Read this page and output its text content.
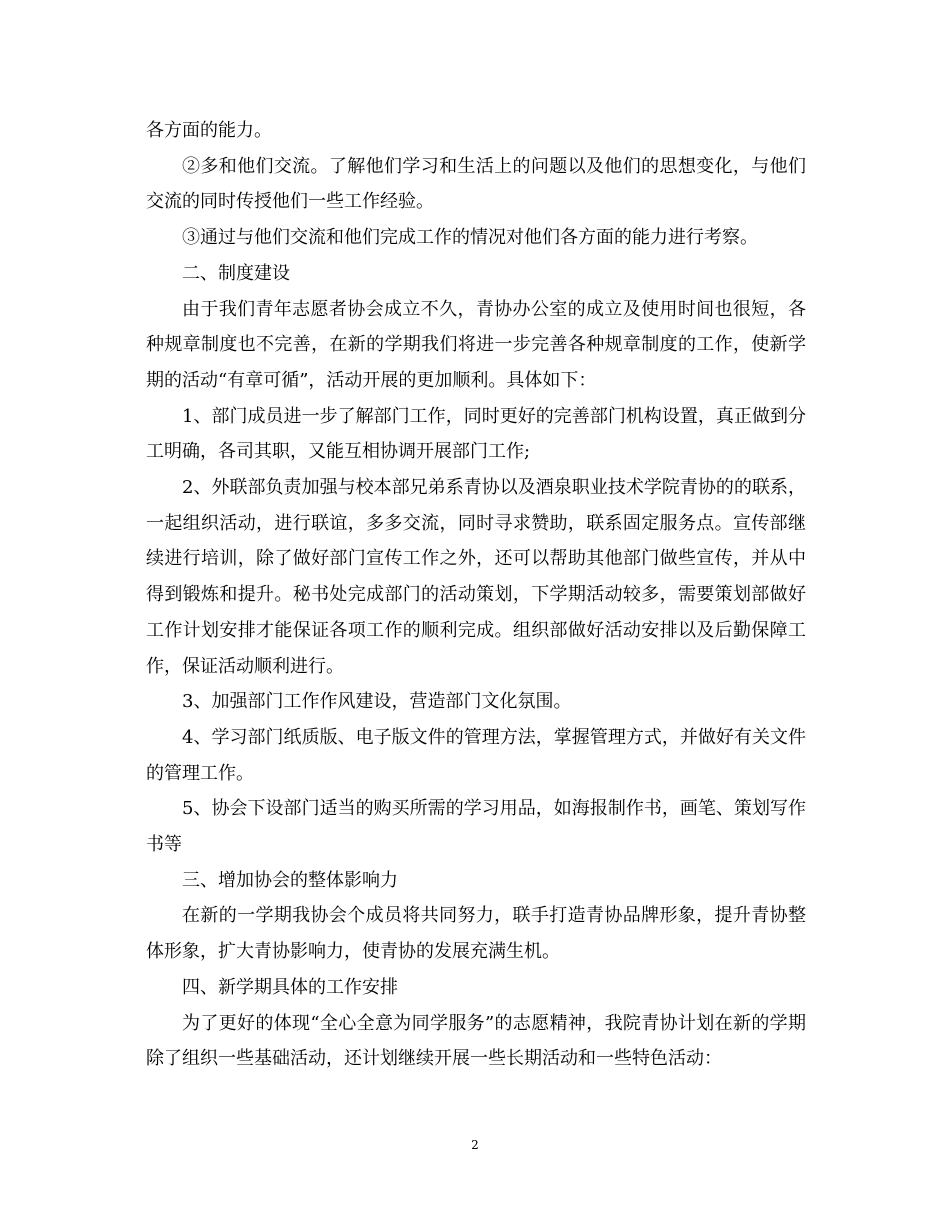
各方面的能力。

②多和他们交流。了解他们学习和生活上的问题以及他们的思想变化，与他们交流的同时传授他们一些工作经验。

③通过与他们交流和他们完成工作的情况对他们各方面的能力进行考察。

二、制度建设

由于我们青年志愿者协会成立不久，青协办公室的成立及使用时间也很短，各种规章制度也不完善，在新的学期我们将进一步完善各种规章制度的工作，使新学期的活动“有章可循”，活动开展的更加顺利。具体如下：

1、部门成员进一步了解部门工作，同时更好的完善部门机构设置，真正做到分工明确，各司其职，又能互相协调开展部门工作;

2、外联部负责加强与校本部兄弟系青协以及酒泉职业技术学院青协的的联系，一起组织活动，进行联谊，多多交流，同时寻求赞助，联系固定服务点。宣传部继续进行培训，除了做好部门宣传工作之外，还可以帮助其他部门做些宣传，并从中得到锻炼和提升。秘书处完成部门的活动策划，下学期活动较多，需要策划部做好工作计划安排才能保证各项工作的顺利完成。组织部做好活动安排以及后勤保障工作，保证活动顺利进行。

3、加强部门工作作风建设，营造部门文化氛围。

4、学习部门纸质版、电子版文件的管理方法，掌握管理方式，并做好有关文件的管理工作。

5、协会下设部门适当的购买所需的学习用品，如海报制作书，画笔、策划写作书等

三、增加协会的整体影响力

在新的一学期我协会个成员将共同努力，联手打造青协品牌形象，提升青协整体形象，扩大青协影响力，使青协的发展充满生机。

四、新学期具体的工作安排

为了更好的体现“全心全意为同学服务”的志愿精神，我院青协计划在新的学期除了组织一些基础活动，还计划继续开展一些长期活动和一些特色活动：

2
